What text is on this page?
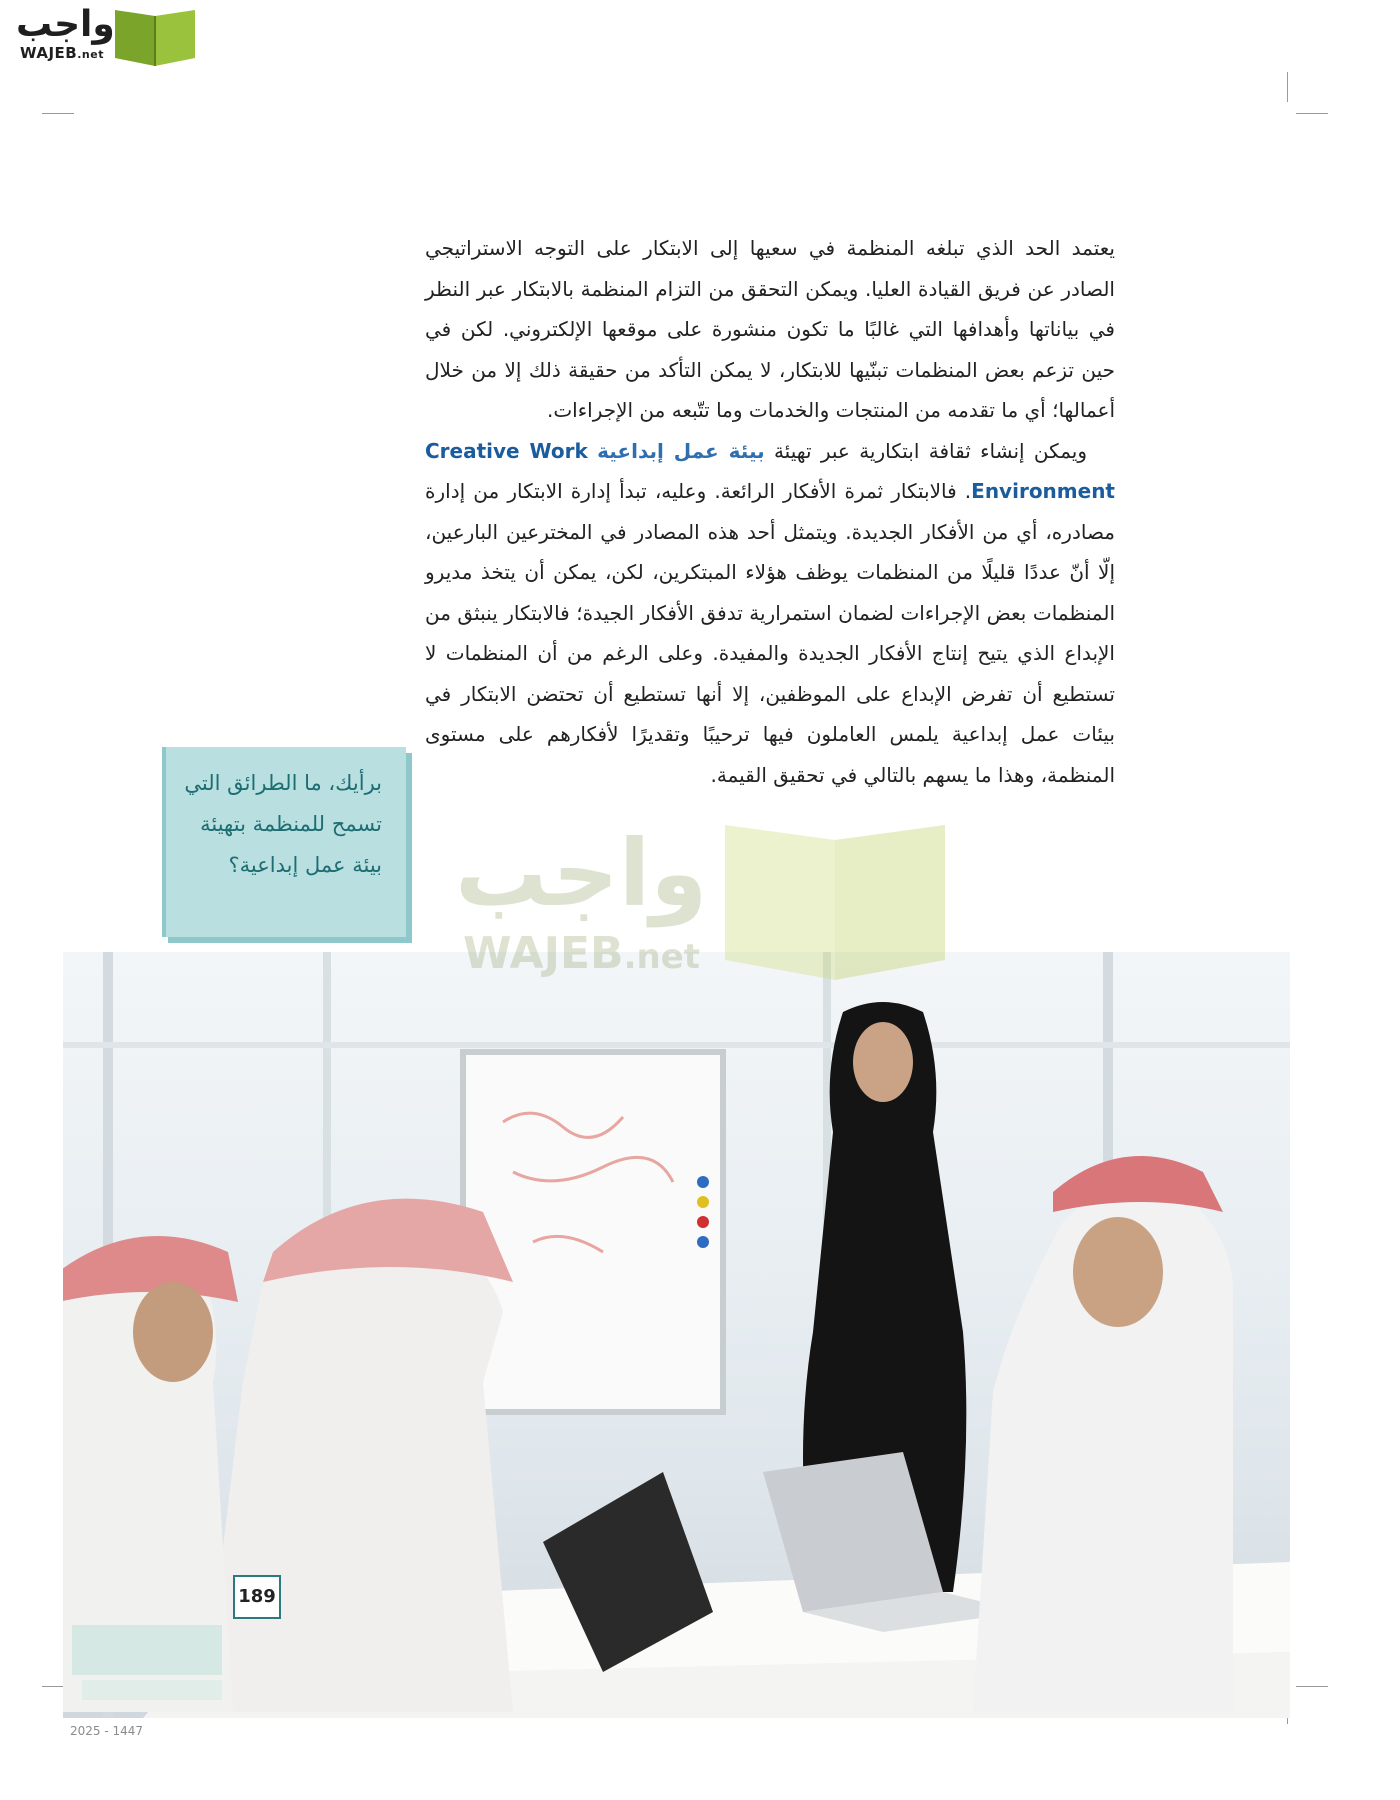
واجب
WAJEB.net

يعتمد الحد الذي تبلغه المنظمة في سعيها إلى الابتكار على التوجه الاستراتيجي الصادر عن فريق القيادة العليا. ويمكن التحقق من التزام المنظمة بالابتكار عبر النظر في بياناتها وأهدافها التي غالبًا ما تكون منشورة على موقعها الإلكتروني. لكن في حين تزعم بعض المنظمات تبنّيها للابتكار، لا يمكن التأكد من حقيقة ذلك إلا من خلال أعمالها؛ أي ما تقدمه من المنتجات والخدمات وما تتّبعه من الإجراءات.

ويمكن إنشاء ثقافة ابتكارية عبر تهيئة بيئة عمل إبداعية Creative Work Environment. فالابتكار ثمرة الأفكار الرائعة. وعليه، تبدأ إدارة الابتكار من إدارة مصادره، أي من الأفكار الجديدة. ويتمثل أحد هذه المصادر في المخترعين البارعين، إلّا أنّ عددًا قليلًا من المنظمات يوظف هؤلاء المبتكرين، لكن، يمكن أن يتخذ مديرو المنظمات بعض الإجراءات لضمان استمرارية تدفق الأفكار الجيدة؛ فالابتكار ينبثق من الإبداع الذي يتيح إنتاج الأفكار الجديدة والمفيدة. وعلى الرغم من أن المنظمات لا تستطيع أن تفرض الإبداع على الموظفين، إلا أنها تستطيع أن تحتضن الابتكار في بيئات عمل إبداعية يلمس العاملون فيها ترحيبًا وتقديرًا لأفكارهم على مستوى المنظمة، وهذا ما يسهم بالتالي في تحقيق القيمة.

برأيك، ما الطرائق التي تسمح للمنظمة بتهيئة بيئة عمل إبداعية؟ واجب
WAJEB.net
189
2025 - 1447
